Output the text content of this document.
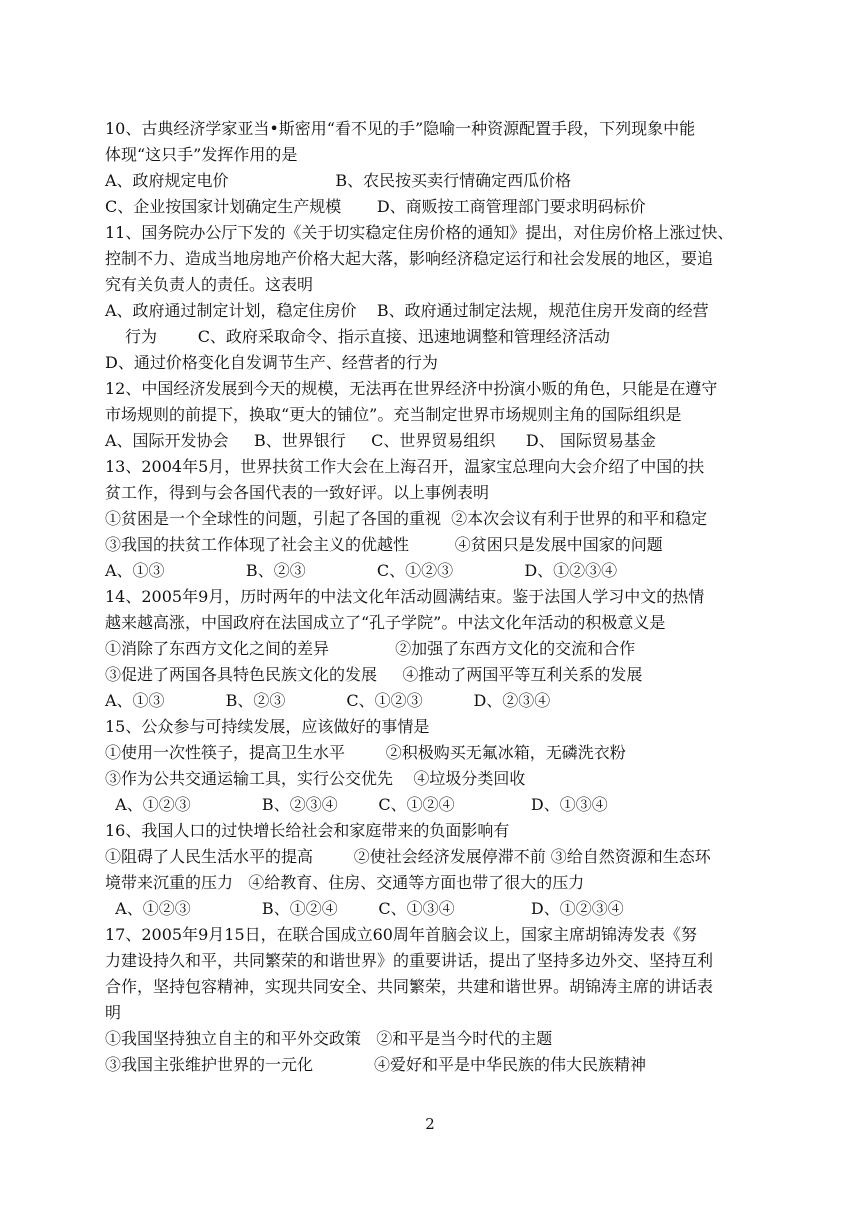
10、古典经济学家亚当•斯密用“看不见的手”隐喻一种资源配置手段，下列现象中能
体现“这只手”发挥作用的是
A、政府规定电价                     B、农民按买卖行情确定西瓜价格
C、企业按国家计划确定生产规模       D、商贩按工商管理部门要求明码标价
11、国务院办公厅下发的《关于切实稳定住房价格的通知》提出，对住房价格上涨过快、
控制不力、造成当地房地产价格大起大落，影响经济稳定运行和社会发展的地区，要追
究有关负责人的责任。这表明
A、政府通过制定计划，稳定住房价    B、政府通过制定法规，规范住房开发商的经营
行为        C、政府采取命令、指示直接、迅速地调整和管理经济活动
D、通过价格变化自发调节生产、经营者的行为
12、中国经济发展到今天的规模，无法再在世界经济中扮演小贩的角色，只能是在遵守
市场规则的前提下，换取“更大的铺位”。充当制定世界市场规则主角的国际组织是
A、国际开发协会     B、世界银行     C、世界贸易组织      D、 国际贸易基金
13、2004年5月，世界扶贫工作大会在上海召开，温家宝总理向大会介绍了中国的扶
贫工作，得到与会各国代表的一致好评。以上事例表明
①贫困是一个全球性的问题，引起了各国的重视  ②本次会议有利于世界的和平和稳定
③我国的扶贫工作体现了社会主义的优越性         ④贫困只是发展中国家的问题
A、①③                B、②③              C、①②③              D、①②③④
14、2005年9月，历时两年的中法文化年活动圆满结束。鉴于法国人学习中文的热情
越来越高涨，中国政府在法国成立了“孔子学院”。中法文化年活动的积极意义是
①消除了东西方文化之间的差异             ②加强了东西方文化的交流和合作
③促进了两国各具特色民族文化的发展     ④推动了两国平等互利关系的发展
A、①③            B、②③            C、①②③          D、②③④
15、公众参与可持续发展，应该做好的事情是
①使用一次性筷子，提高卫生水平        ②积极购买无氟冰箱，无磷洗衣粉
③作为公共交通运输工具，实行公交优先    ④垃圾分类回收
A、①②③              B、②③④        C、①②④               D、①③④
16、我国人口的过快增长给社会和家庭带来的负面影响有
①阻碍了人民生活水平的提高        ②使社会经济发展停滞不前 ③给自然资源和生态环
境带来沉重的压力   ④给教育、住房、交通等方面也带了很大的压力
A、①②③              B、①②④        C、①③④               D、①②③④
17、2005年9月15日，在联合国成立60周年首脑会议上，国家主席胡锦涛发表《努
力建设持久和平，共同繁荣的和谐世界》的重要讲话，提出了坚持多边外交、坚持互利
合作，坚持包容精神，实现共同安全、共同繁荣，共建和谐世界。胡锦涛主席的讲话表
明
①我国坚持独立自主的和平外交政策   ②和平是当今时代的主题
③我国主张维护世界的一元化            ④爱好和平是中华民族的伟大民族精神
2
